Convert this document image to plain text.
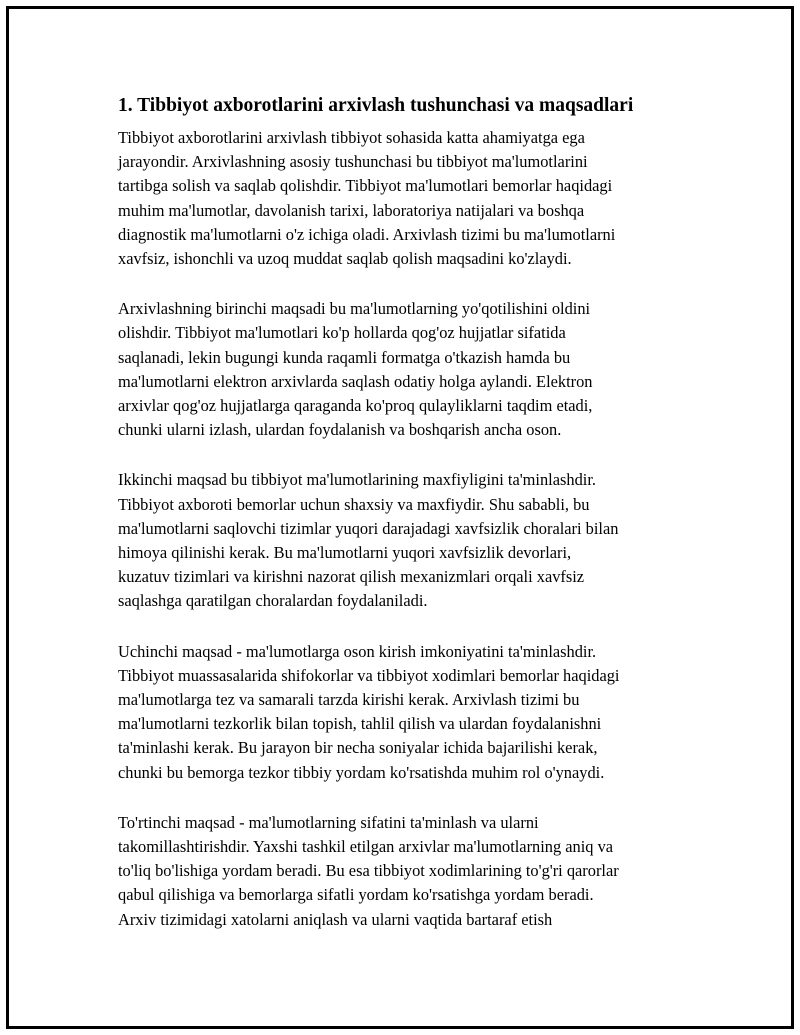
1. Tibbiyot axborotlarini arxivlash tushunchasi va maqsadlari

Tibbiyot axborotlarini arxivlash tibbiyot sohasida katta ahamiyatga ega
jarayondir. Arxivlashning asosiy tushunchasi bu tibbiyot ma'lumotlarini
tartibga solish va saqlab qolishdir. Tibbiyot ma'lumotlari bemorlar haqidagi
muhim ma'lumotlar, davolanish tarixi, laboratoriya natijalari va boshqa
diagnostik ma'lumotlarni o'z ichiga oladi. Arxivlash tizimi bu ma'lumotlarni
xavfsiz, ishonchli va uzoq muddat saqlab qolish maqsadini ko'zlaydi.

Arxivlashning birinchi maqsadi bu ma'lumotlarning yo'qotilishini oldini
olishdir. Tibbiyot ma'lumotlari ko'p hollarda qog'oz hujjatlar sifatida
saqlanadi, lekin bugungi kunda raqamli formatga o'tkazish hamda bu
ma'lumotlarni elektron arxivlarda saqlash odatiy holga aylandi. Elektron
arxivlar qog'oz hujjatlarga qaraganda ko'proq qulayliklarni taqdim etadi,
chunki ularni izlash, ulardan foydalanish va boshqarish ancha oson.

Ikkinchi maqsad bu tibbiyot ma'lumotlarining maxfiyligini ta'minlashdir.
Tibbiyot axboroti bemorlar uchun shaxsiy va maxfiydir. Shu sababli, bu
ma'lumotlarni saqlovchi tizimlar yuqori darajadagi xavfsizlik choralari bilan
himoya qilinishi kerak. Bu ma'lumotlarni yuqori xavfsizlik devorlari,
kuzatuv tizimlari va kirishni nazorat qilish mexanizmlari orqali xavfsiz
saqlashga qaratilgan choralardan foydalaniladi.

Uchinchi maqsad - ma'lumotlarga oson kirish imkoniyatini ta'minlashdir.
Tibbiyot muassasalarida shifokorlar va tibbiyot xodimlari bemorlar haqidagi
ma'lumotlarga tez va samarali tarzda kirishi kerak. Arxivlash tizimi bu
ma'lumotlarni tezkorlik bilan topish, tahlil qilish va ulardan foydalanishni
ta'minlashi kerak. Bu jarayon bir necha soniyalar ichida bajarilishi kerak,
chunki bu bemorga tezkor tibbiy yordam ko'rsatishda muhim rol o'ynaydi.

To'rtinchi maqsad - ma'lumotlarning sifatini ta'minlash va ularni
takomillashtirishdir. Yaxshi tashkil etilgan arxivlar ma'lumotlarning aniq va
to'liq bo'lishiga yordam beradi. Bu esa tibbiyot xodimlarining to'g'ri qarorlar
qabul qilishiga va bemorlarga sifatli yordam ko'rsatishga yordam beradi.
Arxiv tizimidagi xatolarni aniqlash va ularni vaqtida bartaraf etish
